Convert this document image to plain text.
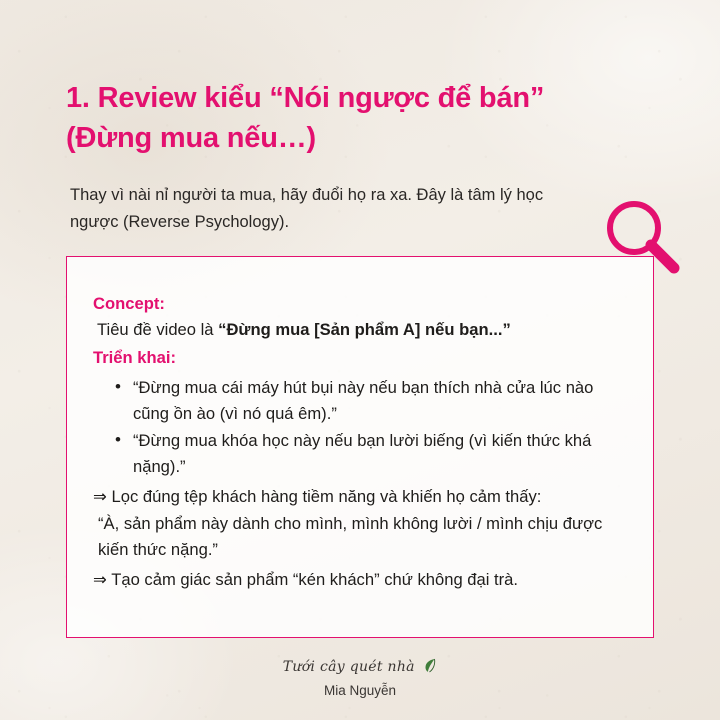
1. Review kiểu “Nói ngược để bán” (Đừng mua nếu…)
Thay vì nài nỉ người ta mua, hãy đuổi họ ra xa. Đây là tâm lý học ngược (Reverse Psychology).

Concept:

Tiêu đề video là “Đừng mua [Sản phẩm A] nếu bạn...”

Triển khai:

• “Đừng mua cái máy hút bụi này nếu bạn thích nhà cửa lúc nào cũng ồn ào (vì nó quá êm).”
• “Đừng mua khóa học này nếu bạn lười biếng (vì kiến thức khá nặng).”

⇒ Lọc đúng tệp khách hàng tiềm năng và khiến họ cảm thấy:

“À, sản phẩm này dành cho mình, mình không lười / mình chịu được kiến thức nặng.”

⇒ Tạo cảm giác sản phẩm “kén khách” chứ không đại trà.

Tưới cây quét nhà
Mia Nguyễn
